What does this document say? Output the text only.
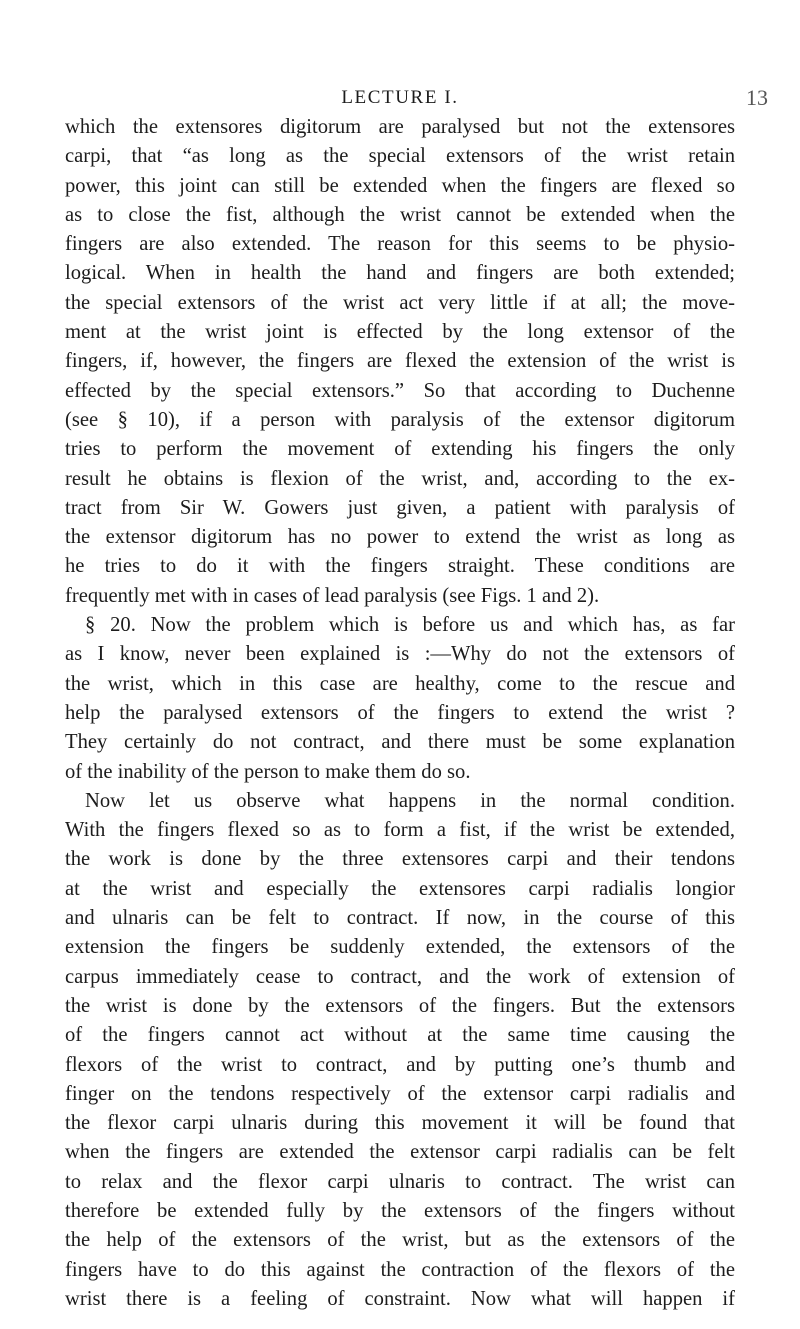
LECTURE I.	13
which the extensores digitorum are paralysed but not the extensores
carpi, that “as long as the special extensors of the wrist retain
power, this joint can still be extended when the fingers are flexed so
as to close the fist, although the wrist cannot be extended when the
fingers are also extended. The reason for this seems to be physio-
logical. When in health the hand and fingers are both extended;
the special extensors of the wrist act very little if at all; the move-
ment at the wrist joint is effected by the long extensor of the
fingers, if, however, the fingers are flexed the extension of the wrist is
effected by the special extensors.” So that according to Duchenne
(see § 10), if a person with paralysis of the extensor digitorum
tries to perform the movement of extending his fingers the only
result he obtains is flexion of the wrist, and, according to the ex-
tract from Sir W. Gowers just given, a patient with paralysis of
the extensor digitorum has no power to extend the wrist as long as
he tries to do it with the fingers straight. These conditions are
frequently met with in cases of lead paralysis (see Figs. 1 and 2).
§ 20. Now the problem which is before us and which has, as far
as I know, never been explained is :—Why do not the extensors of
the wrist, which in this case are healthy, come to the rescue and
help the paralysed extensors of the fingers to extend the wrist ?
They certainly do not contract, and there must be some explanation
of the inability of the person to make them do so.
Now let us observe what happens in the normal condition.
With the fingers flexed so as to form a fist, if the wrist be extended,
the work is done by the three extensores carpi and their tendons
at the wrist and especially the extensores carpi radialis longior
and ulnaris can be felt to contract. If now, in the course of this
extension the fingers be suddenly extended, the extensors of the
carpus immediately cease to contract, and the work of extension of
the wrist is done by the extensors of the fingers. But the extensors
of the fingers cannot act without at the same time causing the
flexors of the wrist to contract, and by putting one’s thumb and
finger on the tendons respectively of the extensor carpi radialis and
the flexor carpi ulnaris during this movement it will be found that
when the fingers are extended the extensor carpi radialis can be felt
to relax and the flexor carpi ulnaris to contract. The wrist can
therefore be extended fully by the extensors of the fingers without
the help of the extensors of the wrist, but as the extensors of the
fingers have to do this against the contraction of the flexors of the
wrist there is a feeling of constraint. Now what will happen if
